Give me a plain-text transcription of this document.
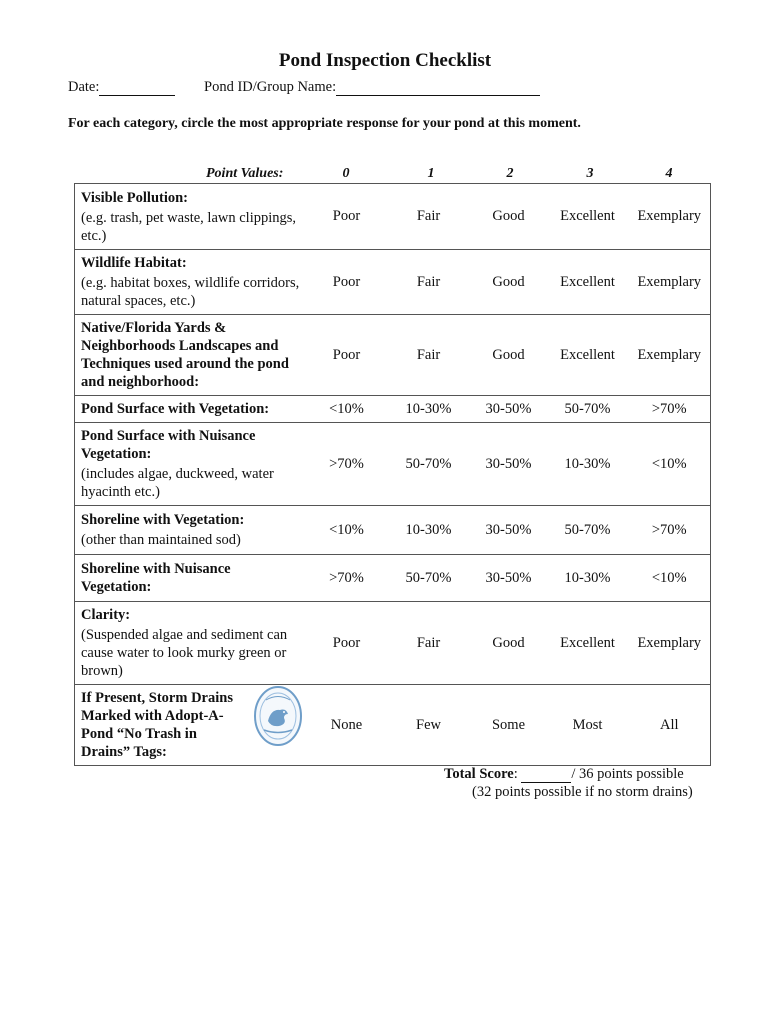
Pond Inspection Checklist
Date:	Pond ID/Group Name:
For each category, circle the most appropriate response for your pond at this moment.
Point Values:	0	1	2	3	4
Visible Pollution:
(e.g. trash, pet waste, lawn clippings, etc.)	Poor	Fair	Good	Excellent	Exemplary

Wildlife Habitat:
(e.g. habitat boxes, wildlife corridors, natural spaces, etc.)	Poor	Fair	Good	Excellent	Exemplary

Native/Florida Yards & Neighborhoods Landscapes and Techniques used around the pond and neighborhood:	Poor	Fair	Good	Excellent	Exemplary

Pond Surface with Vegetation:	<10%	10-30%	30-50%	50-70%	>70%

Pond Surface with Nuisance Vegetation:
(includes algae, duckweed, water hyacinth etc.)	>70%	50-70%	30-50%	10-30%	<10%

Shoreline with Vegetation:
(other than maintained sod)	<10%	10-30%	30-50%	50-70%	>70%

Shoreline with Nuisance Vegetation:	>70%	50-70%	30-50%	10-30%	<10%

Clarity:
(Suspended algae and sediment can cause water to look murky green or brown)	Poor	Fair	Good	Excellent	Exemplary

If Present, Storm Drains Marked with Adopt-A-Pond “No Trash in Drains” Tags:	None	Few	Some	Most	All
Total Score:	/ 36 points possible
(32 points possible if no storm drains)
